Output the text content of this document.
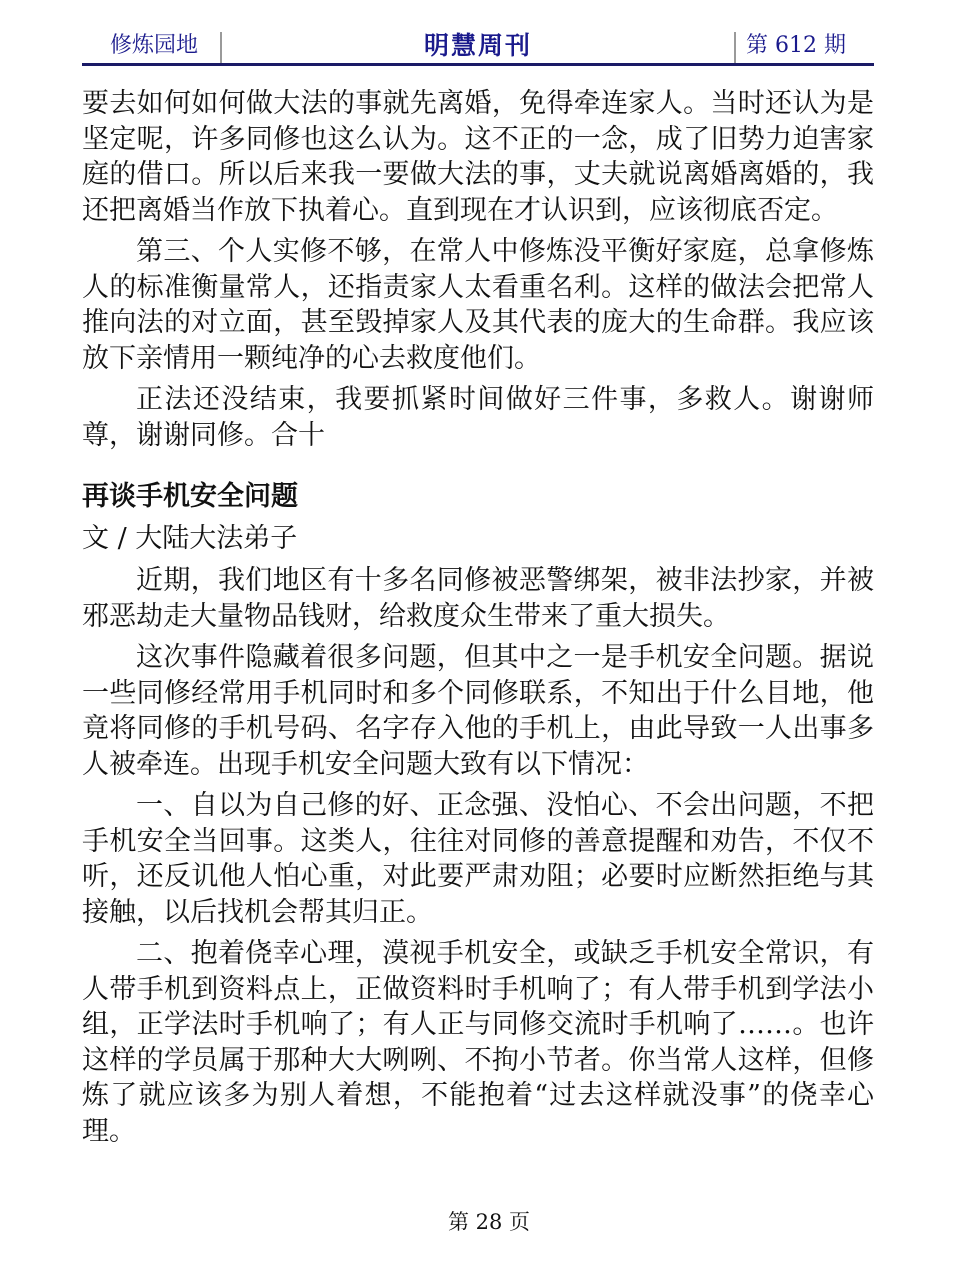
修炼园地	明慧周刊	第 612 期

要去如何如何做大法的事就先离婚，免得牵连家人。当时还认为是坚定呢，许多同修也这么认为。这不正的一念，成了旧势力迫害家庭的借口。所以后来我一要做大法的事，丈夫就说离婚离婚的，我还把离婚当作放下执着心。直到现在才认识到，应该彻底否定。

第三、个人实修不够，在常人中修炼没平衡好家庭，总拿修炼人的标准衡量常人，还指责家人太看重名利。这样的做法会把常人推向法的对立面，甚至毁掉家人及其代表的庞大的生命群。我应该放下亲情用一颗纯净的心去救度他们。

正法还没结束，我要抓紧时间做好三件事，多救人。谢谢师尊，谢谢同修。合十

再谈手机安全问题
文 / 大陆大法弟子

近期，我们地区有十多名同修被恶警绑架，被非法抄家，并被邪恶劫走大量物品钱财，给救度众生带来了重大损失。

这次事件隐藏着很多问题，但其中之一是手机安全问题。据说一些同修经常用手机同时和多个同修联系，不知出于什么目地，他竟将同修的手机号码、名字存入他的手机上，由此导致一人出事多人被牵连。出现手机安全问题大致有以下情况：

一、自以为自己修的好、正念强、没怕心、不会出问题，不把手机安全当回事。这类人，往往对同修的善意提醒和劝告，不仅不听，还反讥他人怕心重，对此要严肃劝阻；必要时应断然拒绝与其接触，以后找机会帮其归正。

二、抱着侥幸心理，漠视手机安全，或缺乏手机安全常识，有人带手机到资料点上，正做资料时手机响了；有人带手机到学法小组，正学法时手机响了；有人正与同修交流时手机响了……。也许这样的学员属于那种大大咧咧、不拘小节者。你当常人这样，但修炼了就应该多为别人着想，不能抱着“过去这样就没事”的侥幸心理。

第 28 页
